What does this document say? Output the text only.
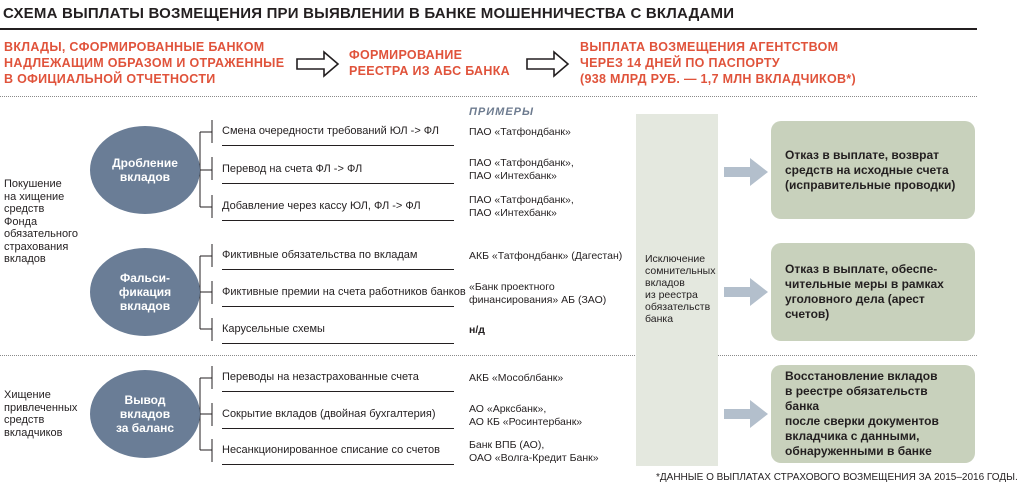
СХЕМА ВЫПЛАТЫ ВОЗМЕЩЕНИЯ ПРИ ВЫЯВЛЕНИИ В БАНКЕ МОШЕННИЧЕСТВА С ВКЛАДАМИ
ВКЛАДЫ, СФОРМИРОВАННЫЕ БАНКОМ
НАДЛЕЖАЩИМ ОБРАЗОМ И ОТРАЖЕННЫЕ
В ОФИЦИАЛЬНОЙ ОТЧЕТНОСТИ
ФОРМИРОВАНИЕ
РЕЕСТРА ИЗ АБС БАНКА
ВЫПЛАТА ВОЗМЕЩЕНИЯ АГЕНТСТВОМ
ЧЕРЕЗ 14 ДНЕЙ ПО ПАСПОРТУ
(938 МЛРД РУБ. — 1,7 МЛН ВКЛАДЧИКОВ*)
ПРИМЕРЫ
Покушение
на хищение
средств
Фонда
обязательного
страхования
вкладов
Хищение
привлеченных
средств
вкладчиков
Дробление
вкладов
Фальси-
фикация
вкладов
Вывод
вкладов
за баланс
Смена очередности требований ЮЛ -> ФЛ
Перевод на счета ФЛ -> ФЛ
Добавление через кассу ЮЛ, ФЛ -> ФЛ
Фиктивные обязательства по вкладам
Фиктивные премии на счета работников банков
Карусельные схемы
Переводы на незастрахованные счета
Сокрытие вкладов (двойная бухгалтерия)
Несанкционированное списание со счетов
ПАО «Татфондбанк»
ПАО «Татфондбанк»,
ПАО «Интехбанк»
ПАО «Татфондбанк»,
ПАО «Интехбанк»
АКБ «Татфондбанк» (Дагестан)
«Банк проектного
финансирования» АБ (ЗАО)
н/д
АКБ «Мособлбанк»
АО «Арксбанк»,
АО КБ «Росинтербанк»
Банк ВПБ (АО),
ОАО «Волга-Кредит Банк»
Исключение
сомнительных
вкладов
из реестра
обязательств
банка
Отказ в выплате, возврат
средств на исходные счета
(исправительные проводки)
Отказ в выплате, обеспе-
чительные меры в рамках
уголовного дела (арест счетов)
Восстановление вкладов
в реестре обязательств банка
после сверки документов
вкладчика с данными,
обнаруженными в банке
*ДАННЫЕ О ВЫПЛАТАХ СТРАХОВОГО ВОЗМЕЩЕНИЯ ЗА 2015–2016 ГОДЫ.
